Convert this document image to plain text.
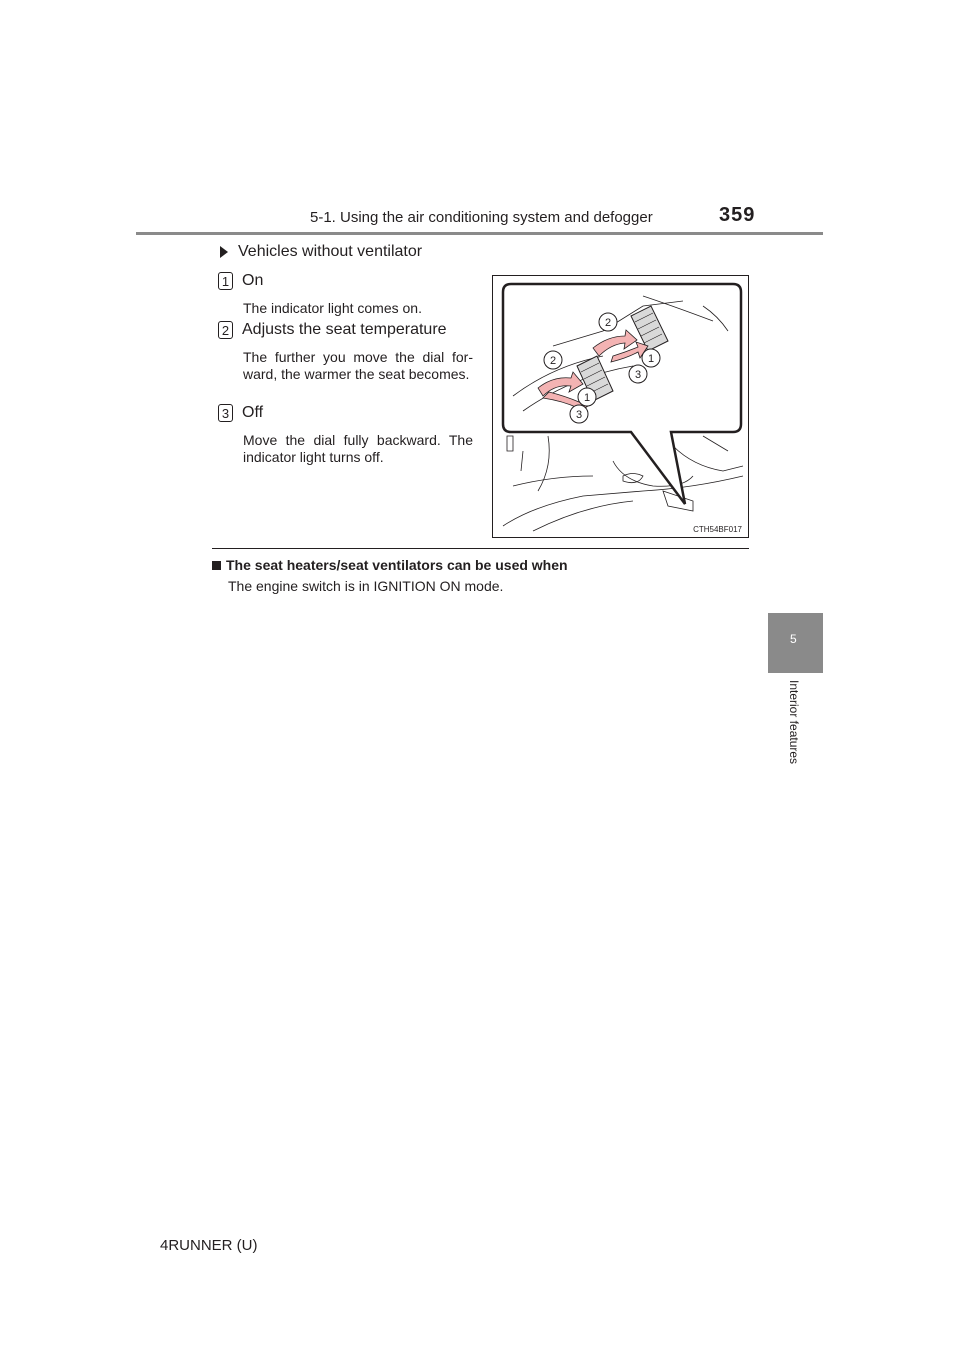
5-1. Using the air conditioning system and defogger	359
Vehicles without ventilator
1 On
The indicator light comes on.
2 Adjusts the seat temperature
The further you move the dial for- ward, the warmer the seat becomes.
3 Off
Move the dial fully backward. The indicator light turns off.
2
1
3
2
1
3
CTH54BF017
The seat heaters/seat ventilators can be used when
The engine switch is in IGNITION ON mode.
5
Interior features
4RUNNER (U)
